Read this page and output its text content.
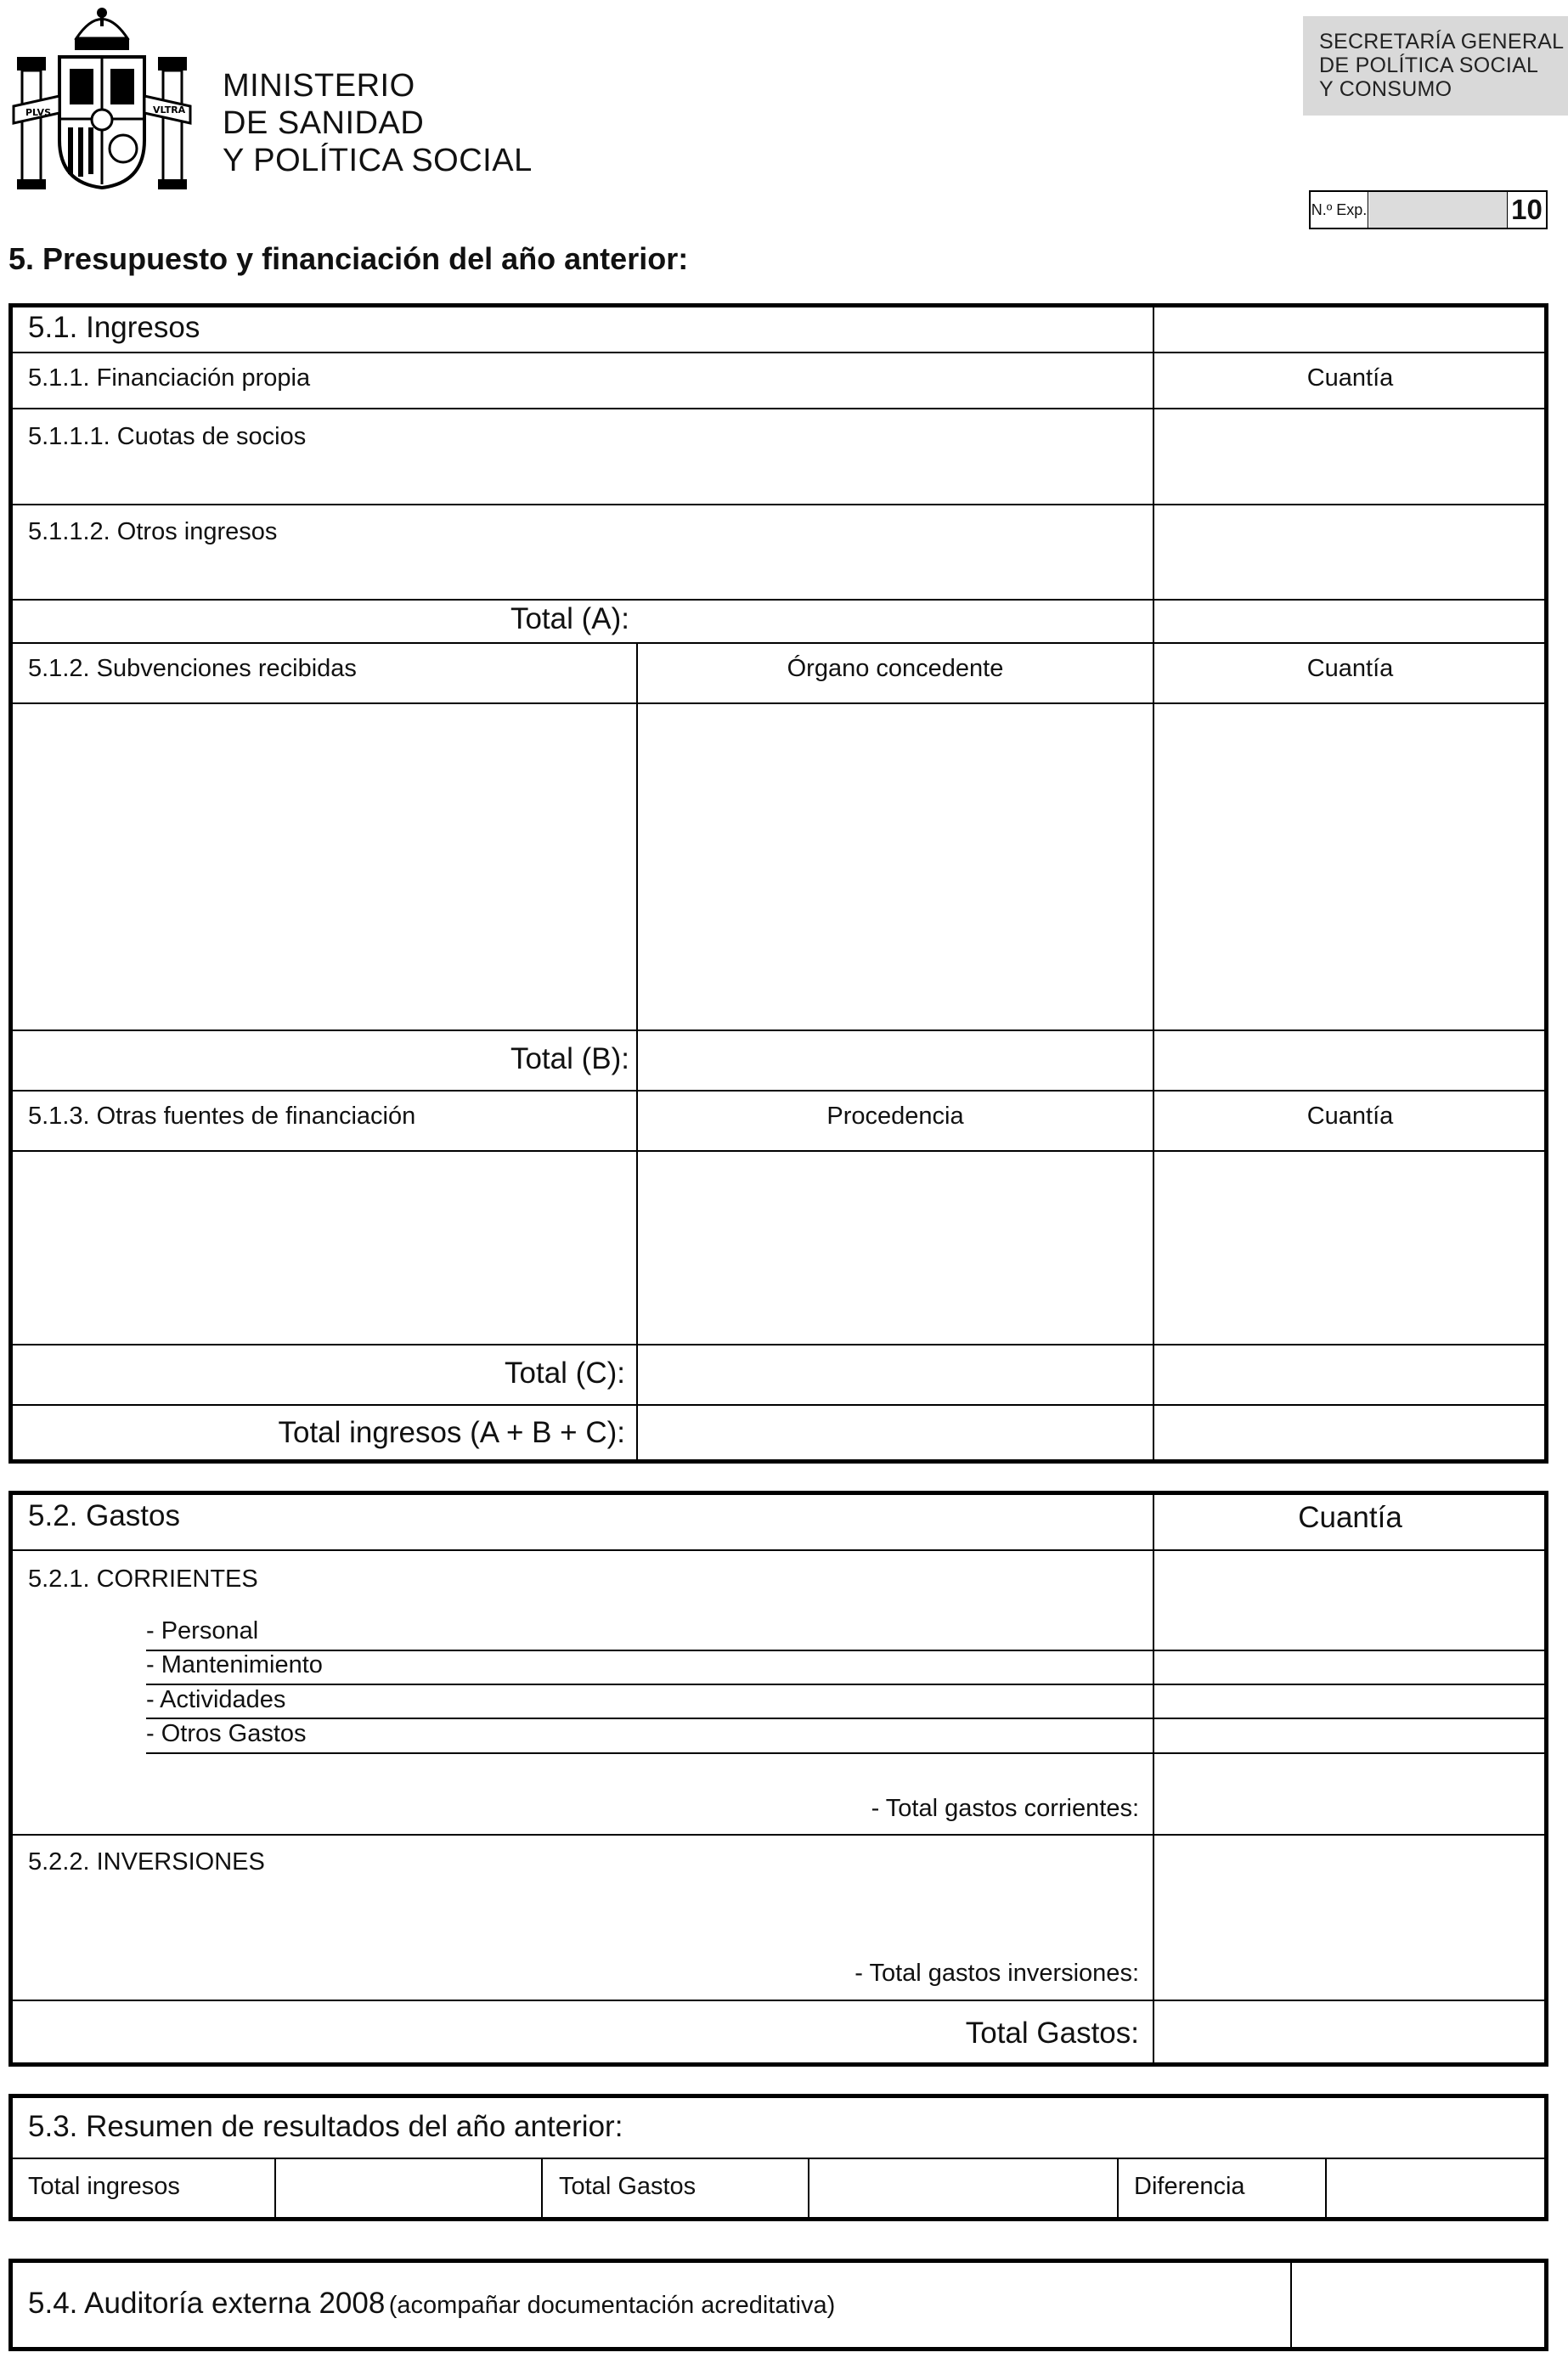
PLVS	VLTRA
MINISTERIO
DE SANIDAD
Y POLÍTICA SOCIAL
SECRETARÍA GENERAL
DE POLÍTICA SOCIAL
Y CONSUMO
N.º Exp.	10
5. Presupuesto y financiación del año anterior:
5.1. Ingresos
5.1.1. Financiación propia	Cuantía
5.1.1.1. Cuotas de socios
5.1.1.2. Otros ingresos
Total (A):
5.1.2. Subvenciones recibidas	Órgano concedente	Cuantía
Total (B):
5.1.3. Otras fuentes de financiación	Procedencia	Cuantía
Total (C):
Total ingresos (A + B + C):
5.2. Gastos	Cuantía
5.2.1. CORRIENTES
- Personal
- Mantenimiento
- Actividades
- Otros Gastos
- Total gastos corrientes:
5.2.2. INVERSIONES
- Total gastos inversiones:
Total Gastos:
5.3. Resumen de resultados del año anterior:
Total ingresos	Total Gastos	Diferencia
5.4. Auditoría externa 2008 (acompañar documentación acreditativa)
